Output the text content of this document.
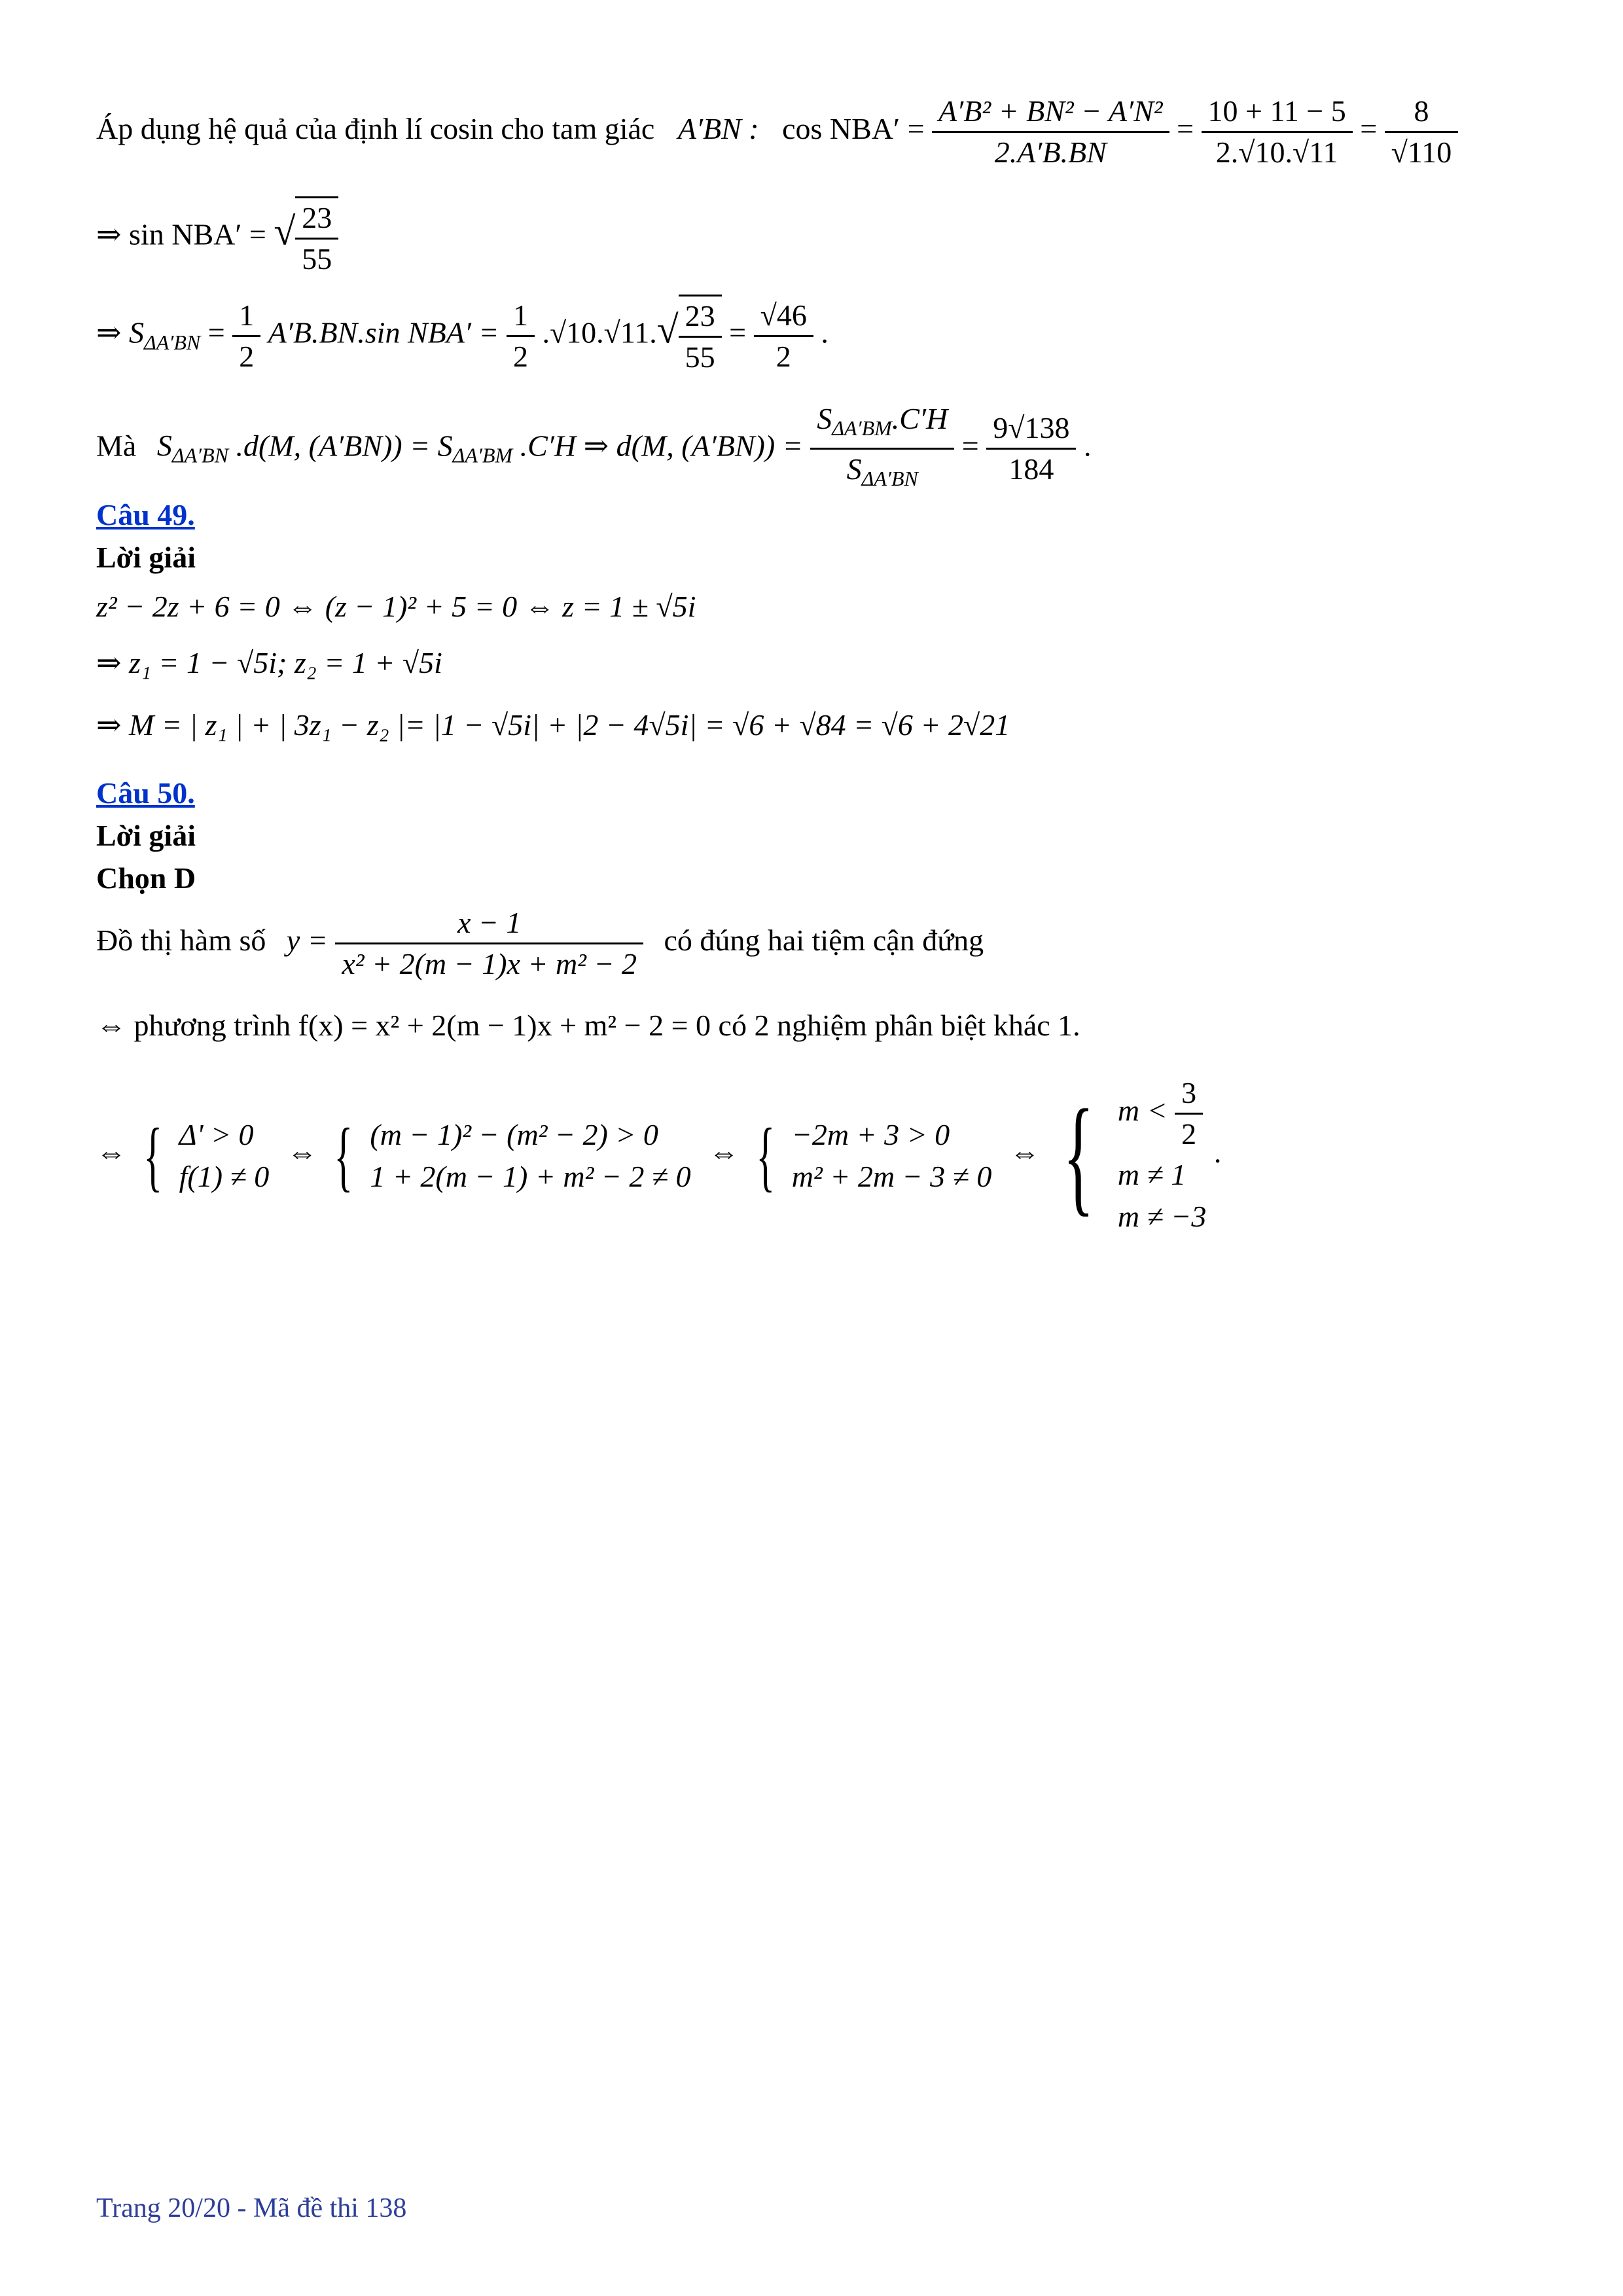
Áp dụng hệ quả của định lí cosin cho tam giác A′BN : $\cos NBA' = \frac{\text{A′B² + BN² − A′N²}}{2.A'B.BN} = \frac{10 + 11 - 5}{2.√10.√11} = \frac{8}{√110}$
⇒ sin NBA′ = √ $\frac{23}{55}$
⇒ $S_{\Delta A'BN} = \frac{1}{2} A'B.BN.\sin$ $NBA' = \frac{1}{2} .√10.√11.√ \frac{23}{55} = \frac{√46}{2}$ .
Mà $S_{\Delta A'BN}$ .d(M, $(A'BN)) = S_{\Delta A'BM}$ .C′H ⇒ d(M, $(A'BN)) = \frac{S_{\Delta A'BM}.C'H}{S_{\Delta A'BN}} = \frac{9√138}{184}$ .
Câu 49.
Lời giải
z² − 2z + 6 = 0 ⇔ (z − 1)² + 5 = 0 ⇔ z = 1 ± √5i
⇒ z₁ = 1 − √5i; z₂ = 1 + √5i
⇒ M = | z₁ | + | 3z₁ − z₂ |= |1 − √5i| + |2 − 4√5i| = √6 + √84 = √6 + 2√21
Câu 50.
Lời giải
Chọn D
Đồ thị hàm số $y = \frac{x - 1}{\text{x² + 2(m − 1)x + m² − 2}}$ có đúng hai tiệm cận đứng
⇔ phương trình f(x) = x² + 2(m − 1)x + m² − 2 = 0 có 2 nghiệm phân biệt khác 1.
⇔ { Δ' > 0
f(1) ≠ 0
⇔ { (m − 1)² − (m² − 2) > 0
1 + 2(m − 1) + m² − 2 ≠ 0
⇔ { −2m + 3 > 0
m² + 2m − 3 ≠ 0
⇔ { $m < \frac{3}{2}$
m ≠ 1
m ≠ −3
.
Trang 20/20 - Mã đề thi 138
